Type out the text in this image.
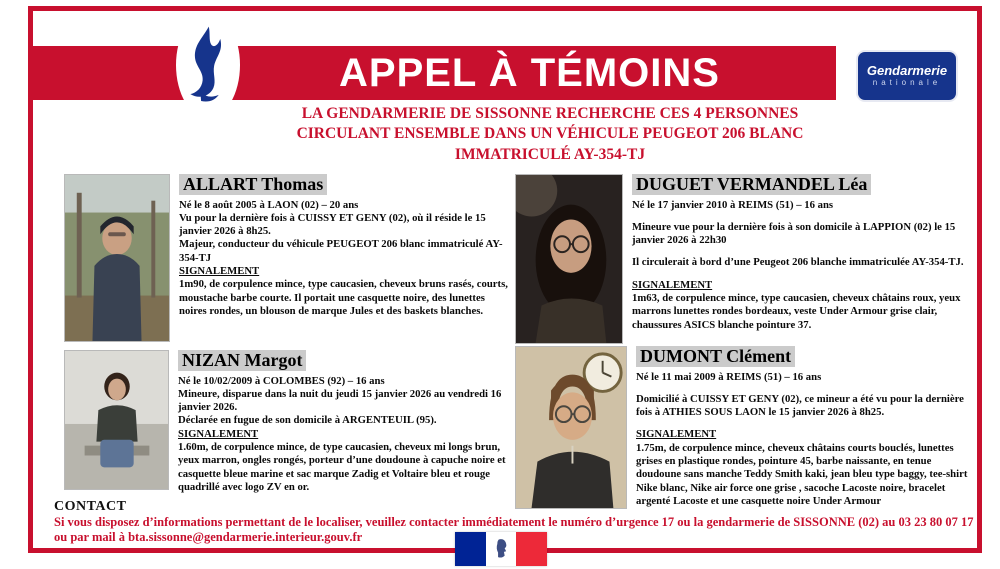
APPEL À TÉMOINS	Gendarmerie
nationale
LA GENDARMERIE DE SISSONNE RECHERCHE CES 4 PERSONNES
CIRCULANT ENSEMBLE DANS UN VÉHICULE PEUGEOT 206 BLANC
IMMATRICULÉ AY-354-TJ
ALLART Thomas

Né le 8 août 2005 à LAON (02) – 20 ans

Vu pour la dernière fois à CUISSY ET GENY (02), où il réside le 15 janvier 2026 à 8h25.

Majeur, conducteur du véhicule PEUGEOT 206 blanc immatriculé AY-354-TJ

SIGNALEMENT

1m90, de corpulence mince, type caucasien, cheveux bruns rasés, courts, moustache barbe courte. Il portait une casquette noire, des lunettes noires rondes, un blouson de marque Jules et des baskets blanches.

DUGUET VERMANDEL Léa

Né le 17 janvier 2010 à REIMS (51) – 16 ans

Mineure vue pour la dernière fois à son domicile à LAPPION (02) le 15 janvier 2026 à 22h30

Il circulerait à bord d’une Peugeot 206 blanche immatriculée AY-354-TJ.

SIGNALEMENT

1m63, de corpulence mince, type caucasien, cheveux châtains roux, yeux marrons lunettes rondes bordeaux, veste Under Armour grise clair, chaussures ASICS blanche pointure 37.

NIZAN Margot

Né le 10/02/2009 à COLOMBES (92) – 16 ans

Mineure, disparue dans la nuit du jeudi 15 janvier 2026 au vendredi 16 janvier 2026.

Déclarée en fugue de son domicile à ARGENTEUIL (95).

SIGNALEMENT

1.60m, de corpulence mince, de type caucasien, cheveux mi longs brun, yeux marron, ongles rongés, porteur d’une doudoune à capuche noire et casquette bleue marine et sac marque Zadig et Voltaire bleu et rouge quadrillé avec logo ZV en or.

DUMONT Clément

Né le 11 mai 2009 à REIMS (51) – 16 ans

Domicilié à CUISSY ET GENY (02), ce mineur a été vu pour la dernière fois à ATHIES SOUS LAON le 15 janvier 2026 à 8h25.

SIGNALEMENT

1.75m, de corpulence mince, cheveux châtains courts bouclés, lunettes grises en plastique rondes, pointure 45, barbe naissante, en tenue doudoune sans manche Teddy Smith kaki, jean bleu type baggy, tee-shirt Nike blanc, Nike air force one grise , sacoche Lacoste noire, bracelet argenté Lacoste et une casquette noire Under Armour

CONTACT
Si vous disposez d’informations permettant de le localiser, veuillez contacter immédiatement le numéro d’urgence 17 ou la gendarmerie de SISSONNE (02) au 03 23 80 07 17 ou par mail à bta.sissonne@gendarmerie.interieur.gouv.fr
